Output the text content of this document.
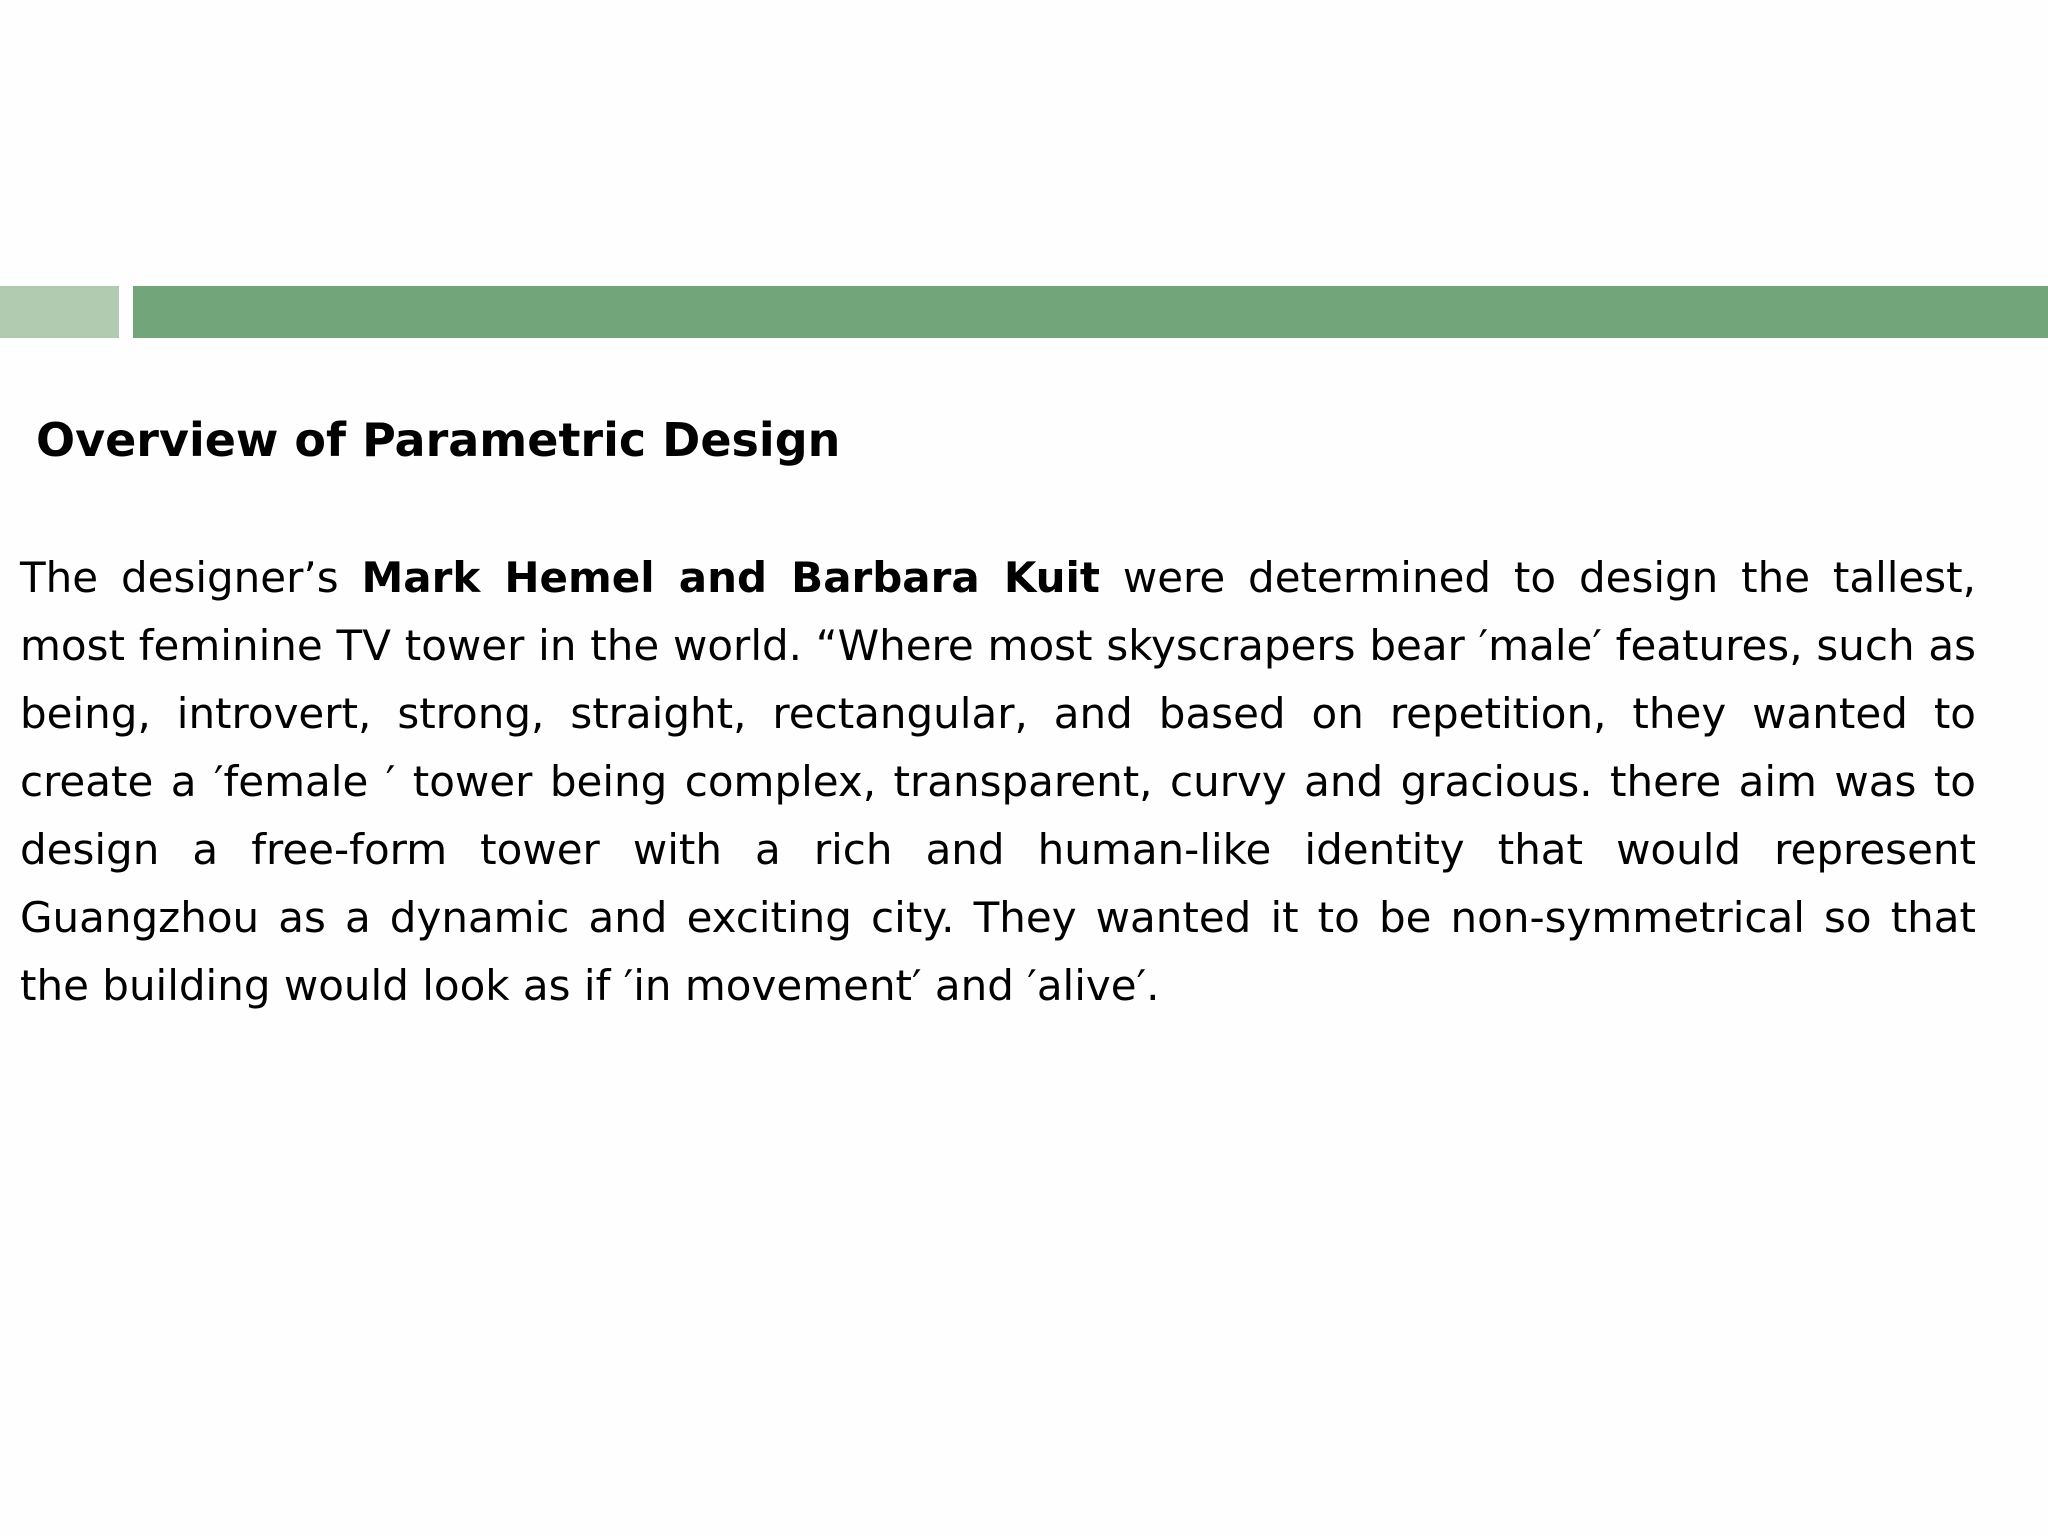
Overview of Parametric Design

The designer’s Mark Hemel and Barbara Kuit were determined to design the tallest, most feminine TV tower in the world. “Where most skyscrapers bear ′male′ features, such as being, introvert, strong, straight, rectangular, and based on repetition, they wanted to create a ′female ′ tower being complex, transparent, curvy and gracious. there aim was to design a free-form tower with a rich and human-like identity that would represent Guangzhou as a dynamic and exciting city. They wanted it to be non-symmetrical so that the building would look as if ′in movement′ and ′alive′.
